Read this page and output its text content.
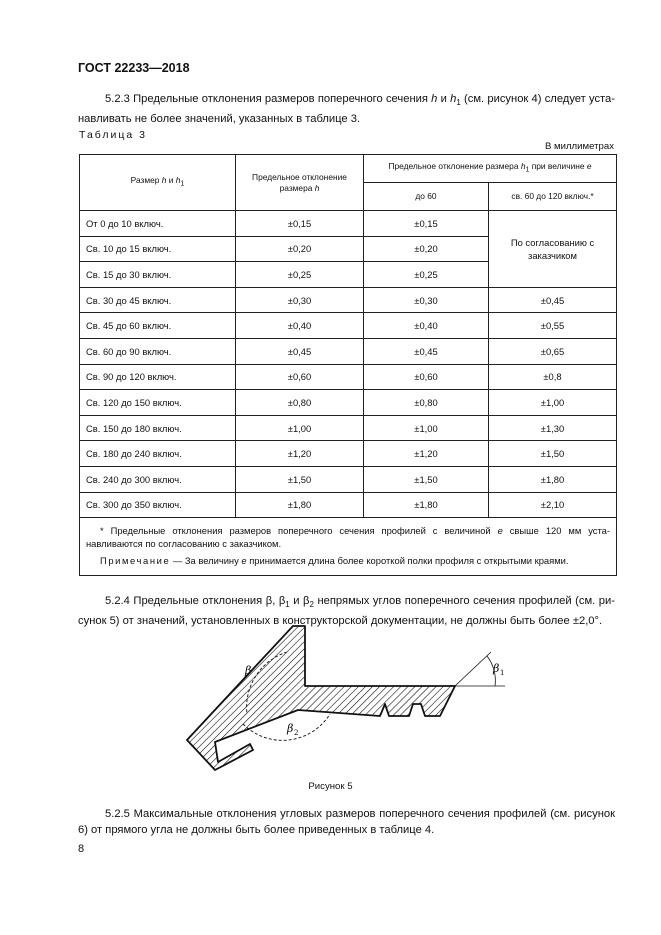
ГОСТ 22233—2018
5.2.3 Предельные отклонения размеров поперечного сечения h и $h_1$ (см. рисунок 4) следует уста-навливать не более значений, указанных в таблице 3.
Таблица 3
В миллиметрах
Размер h и $h_1$	Предельное отклонение размера h	Предельное отклонение размера $h_1$ при величине e	
		до 60	св. 60 до 120 включ.*
От 0 до 10 включ.	±0,15	±0,15	По согласованию с заказчиком
Св. 10 до 15 включ.	±0,20	±0,20	
Св. 15 до 30 включ.	±0,25	±0,25	
Св. 30 до 45 включ.	±0,30	±0,30	±0,45
Св. 45 до 60 включ.	±0,40	±0,40	±0,55
Св. 60 до 90 включ.	±0,45	±0,45	±0,65
Св. 90 до 120 включ.	±0,60	±0,60	±0,8
Св. 120 до 150 включ.	±0,80	±0,80	±1,00
Св. 150 до 180 включ.	±1,00	±1,00	±1,30
Св. 180 до 240 включ.	±1,20	±1,20	±1,50
Св. 240 до 300 включ.	±1,50	±1,50	±1,80
Св. 300 до 350 включ.	±1,80	±1,80	±2,10

* Предельные отклонения размеров поперечного сечения профилей с величиной e свыше 120 мм уста-навливаются по согласованию с заказчиком.

Примечание — За величину e принимается длина более короткой полки профиля с открытыми краями.			

5.2.4 Предельные отклонения β, $\beta_1$ и $\beta_2$ непрямых углов поперечного сечения профилей (см. ри-сунок 5) от значений, установленных в конструкторской документации, не должны быть более ±2,0°.
β	β 1
β 2
Рисунок 5
5.2.5 Максимальные отклонения угловых размеров поперечного сечения профилей (см. рисунок 6) от прямого угла не должны быть более приведенных в таблице 4.
8
